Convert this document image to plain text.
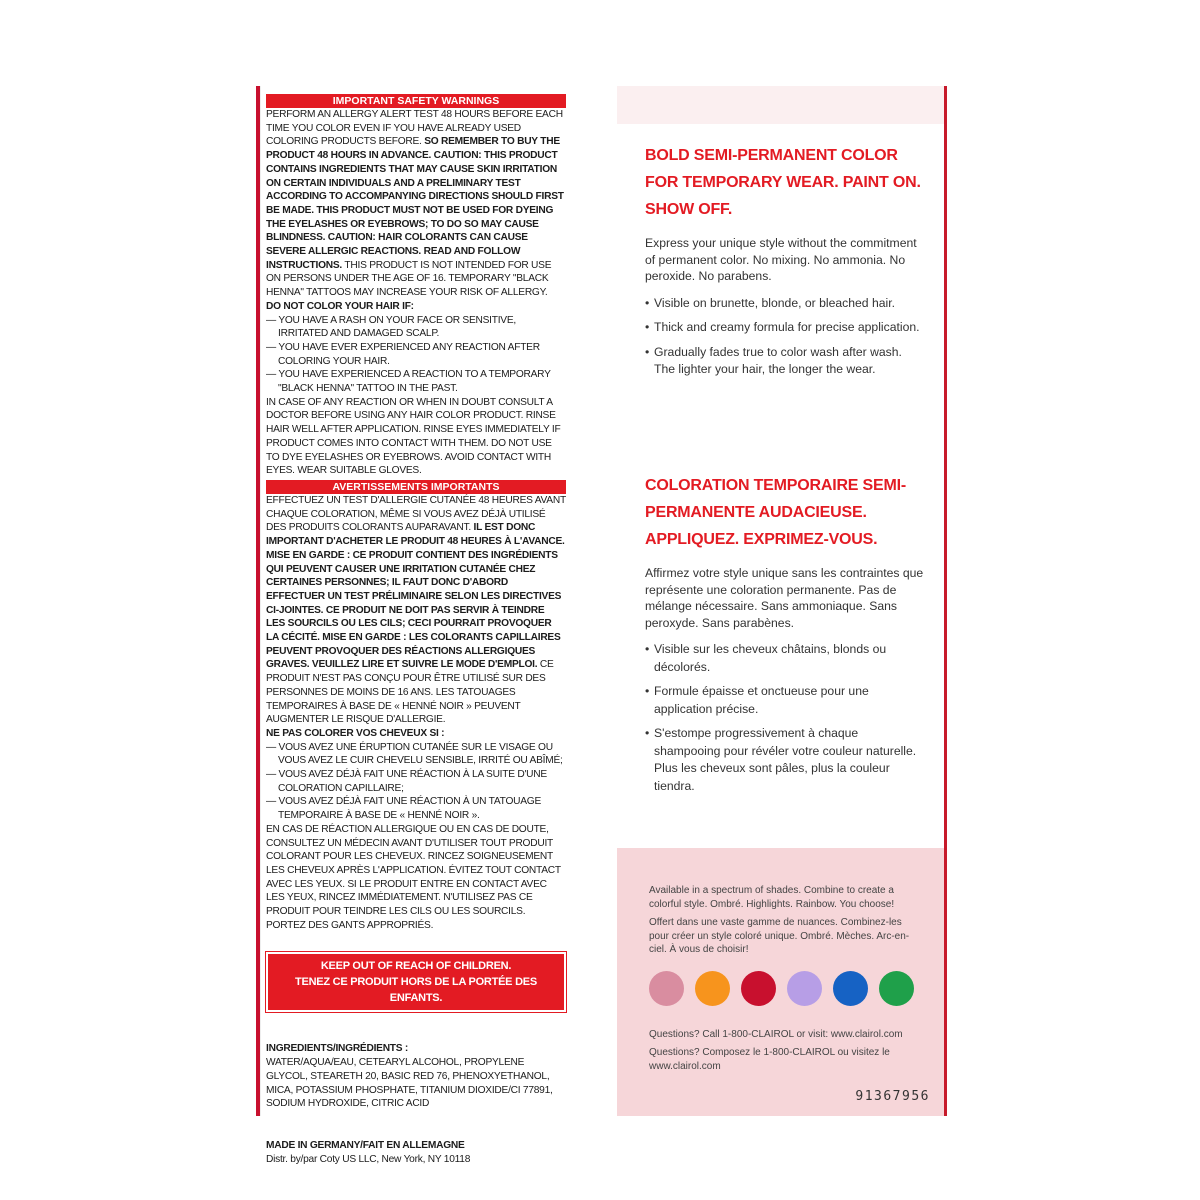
IMPORTANT SAFETY WARNINGS

PERFORM AN ALLERGY ALERT TEST 48 HOURS BEFORE EACH TIME YOU COLOR EVEN IF YOU HAVE ALREADY USED COLORING PRODUCTS BEFORE. SO REMEMBER TO BUY THE PRODUCT 48 HOURS IN ADVANCE. CAUTION: THIS PRODUCT CONTAINS INGREDIENTS THAT MAY CAUSE SKIN IRRITATION ON CERTAIN INDIVIDUALS AND A PRELIMINARY TEST ACCORDING TO ACCOMPANYING DIRECTIONS SHOULD FIRST BE MADE. THIS PRODUCT MUST NOT BE USED FOR DYEING THE EYELASHES OR EYEBROWS; TO DO SO MAY CAUSE BLINDNESS. CAUTION: HAIR COLORANTS CAN CAUSE SEVERE ALLERGIC REACTIONS. READ AND FOLLOW INSTRUCTIONS. THIS PRODUCT IS NOT INTENDED FOR USE ON PERSONS UNDER THE AGE OF 16. TEMPORARY "BLACK HENNA" TATTOOS MAY INCREASE YOUR RISK OF ALLERGY.

DO NOT COLOR YOUR HAIR IF:

— YOU HAVE A RASH ON YOUR FACE OR SENSITIVE, IRRITATED AND DAMAGED SCALP.

— YOU HAVE EVER EXPERIENCED ANY REACTION AFTER COLORING YOUR HAIR.

— YOU HAVE EXPERIENCED A REACTION TO A TEMPORARY "BLACK HENNA" TATTOO IN THE PAST.

IN CASE OF ANY REACTION OR WHEN IN DOUBT CONSULT A DOCTOR BEFORE USING ANY HAIR COLOR PRODUCT. RINSE HAIR WELL AFTER APPLICATION. RINSE EYES IMMEDIATELY IF PRODUCT COMES INTO CONTACT WITH THEM. DO NOT USE TO DYE EYELASHES OR EYEBROWS. AVOID CONTACT WITH EYES. WEAR SUITABLE GLOVES.

AVERTISSEMENTS IMPORTANTS

EFFECTUEZ UN TEST D'ALLERGIE CUTANÉE 48 HEURES AVANT CHAQUE COLORATION, MÊME SI VOUS AVEZ DÉJÀ UTILISÉ DES PRODUITS COLORANTS AUPARAVANT. IL EST DONC IMPORTANT D'ACHETER LE PRODUIT 48 HEURES À L'AVANCE. MISE EN GARDE : CE PRODUIT CONTIENT DES INGRÉDIENTS QUI PEUVENT CAUSER UNE IRRITATION CUTANÉE CHEZ CERTAINES PERSONNES; IL FAUT DONC D'ABORD EFFECTUER UN TEST PRÉLIMINAIRE SELON LES DIRECTIVES CI-JOINTES. CE PRODUIT NE DOIT PAS SERVIR À TEINDRE LES SOURCILS OU LES CILS; CECI POURRAIT PROVOQUER LA CÉCITÉ. MISE EN GARDE : LES COLORANTS CAPILLAIRES PEUVENT PROVOQUER DES RÉACTIONS ALLERGIQUES GRAVES. VEUILLEZ LIRE ET SUIVRE LE MODE D'EMPLOI. CE PRODUIT N'EST PAS CONÇU POUR ÊTRE UTILISÉ SUR DES PERSONNES DE MOINS DE 16 ANS. LES TATOUAGES TEMPORAIRES À BASE DE « HENNÉ NOIR » PEUVENT AUGMENTER LE RISQUE D'ALLERGIE.

NE PAS COLORER VOS CHEVEUX SI :

— VOUS AVEZ UNE ÉRUPTION CUTANÉE SUR LE VISAGE OU VOUS AVEZ LE CUIR CHEVELU SENSIBLE, IRRITÉ OU ABÎMÉ;

— VOUS AVEZ DÉJÀ FAIT UNE RÉACTION À LA SUITE D'UNE COLORATION CAPILLAIRE;

— VOUS AVEZ DÉJÀ FAIT UNE RÉACTION À UN TATOUAGE TEMPORAIRE À BASE DE « HENNÉ NOIR ».

EN CAS DE RÉACTION ALLERGIQUE OU EN CAS DE DOUTE, CONSULTEZ UN MÉDECIN AVANT D'UTILISER TOUT PRODUIT COLORANT POUR LES CHEVEUX. RINCEZ SOIGNEUSEMENT LES CHEVEUX APRÈS L'APPLICATION. ÉVITEZ TOUT CONTACT AVEC LES YEUX. SI LE PRODUIT ENTRE EN CONTACT AVEC LES YEUX, RINCEZ IMMÉDIATEMENT. N'UTILISEZ PAS CE PRODUIT POUR TEINDRE LES CILS OU LES SOURCILS. PORTEZ DES GANTS APPROPRIÉS.

KEEP OUT OF REACH OF CHILDREN.
TENEZ CE PRODUIT HORS DE LA PORTÉE DES ENFANTS.
INGREDIENTS/INGRÉDIENTS :
WATER/AQUA/EAU, CETEARYL ALCOHOL, PROPYLENE GLYCOL, STEARETH 20, BASIC RED 76, PHENOXYETHANOL, MICA, POTASSIUM PHOSPHATE, TITANIUM DIOXIDE/CI 77891, SODIUM HYDROXIDE, CITRIC ACID
MADE IN GERMANY/FAIT EN ALLEMAGNE
Distr. by/par Coty US LLC, New York, NY 10118
BOLD SEMI-PERMANENT COLOR FOR TEMPORARY WEAR. PAINT ON. SHOW OFF.

Express your unique style without the commitment of permanent color. No mixing. No ammonia. No peroxide. No parabens.

• Visible on brunette, blonde, or bleached hair.
• Thick and creamy formula for precise application.
• Gradually fades true to color wash after wash. The lighter your hair, the longer the wear.
COLORATION TEMPORAIRE SEMI-PERMANENTE AUDACIEUSE. APPLIQUEZ. EXPRIMEZ-VOUS.

Affirmez votre style unique sans les contraintes que représente une coloration permanente. Pas de mélange nécessaire. Sans ammoniaque. Sans peroxyde. Sans parabènes.

• Visible sur les cheveux châtains, blonds ou décolorés.
• Formule épaisse et onctueuse pour une application précise.
• S'estompe progressivement à chaque shampooing pour révéler votre couleur naturelle. Plus les cheveux sont pâles, plus la couleur tiendra.

Available in a spectrum of shades. Combine to create a colorful style. Ombré. Highlights. Rainbow. You choose!

Offert dans une vaste gamme de nuances. Combinez-les pour créer un style coloré unique. Ombré. Mèches. Arc-en-ciel. À vous de choisir!

Questions? Call 1-800-CLAIROL or visit: www.clairol.com

Questions? Composez le 1-800-CLAIROL ou visitez le www.clairol.com

91367956
